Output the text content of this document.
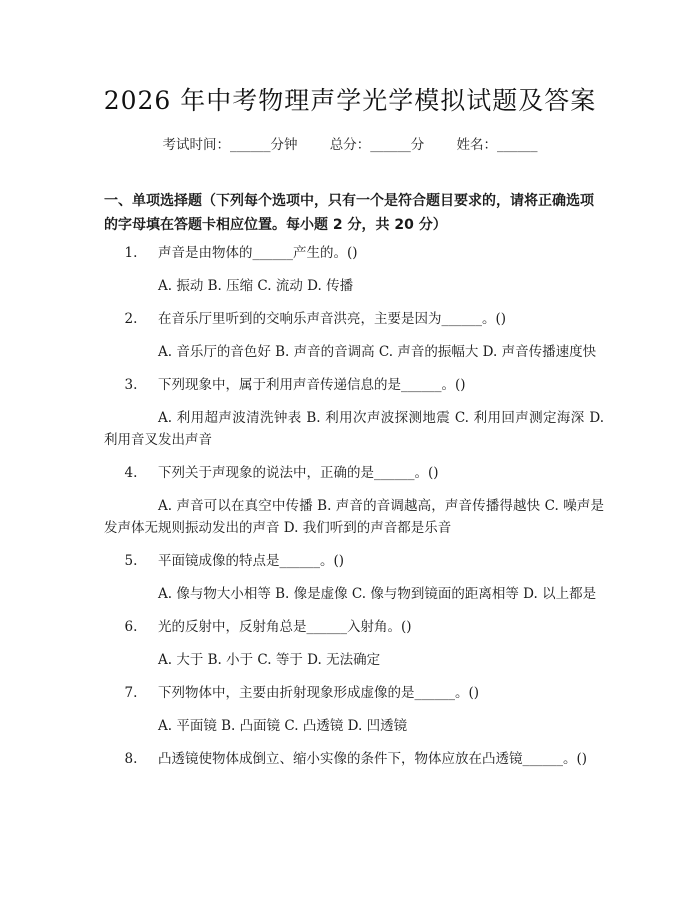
2026 年中考物理声学光学模拟试题及答案
考试时间：______分钟 总分：______分 姓名：______
一、单项选择题（下列每个选项中，只有一个是符合题目要求的，请将正确选项的字母填在答题卡相应位置。每小题 2 分，共 20 分）
1.	声音是由物体的______产生的。()
A. 振动 B. 压缩 C. 流动 D. 传播
2.	在音乐厅里听到的交响乐声音洪亮，主要是因为______。()
A. 音乐厅的音色好 B. 声音的音调高 C. 声音的振幅大 D. 声音传播速度快
3.	下列现象中，属于利用声音传递信息的是______。()
A. 利用超声波清洗钟表 B. 利用次声波探测地震 C. 利用回声测定海深 D. 利用音叉发出声音
4.	下列关于声现象的说法中，正确的是______。()
A. 声音可以在真空中传播 B. 声音的音调越高，声音传播得越快 C. 噪声是发声体无规则振动发出的声音 D. 我们听到的声音都是乐音
5.	平面镜成像的特点是______。()
A. 像与物大小相等 B. 像是虚像 C. 像与物到镜面的距离相等 D. 以上都是
6.	光的反射中，反射角总是______入射角。()
A. 大于 B. 小于 C. 等于 D. 无法确定
7.	下列物体中，主要由折射现象形成虚像的是______。()
A. 平面镜 B. 凸面镜 C. 凸透镜 D. 凹透镜
8.	凸透镜使物体成倒立、缩小实像的条件下，物体应放在凸透镜______。()
